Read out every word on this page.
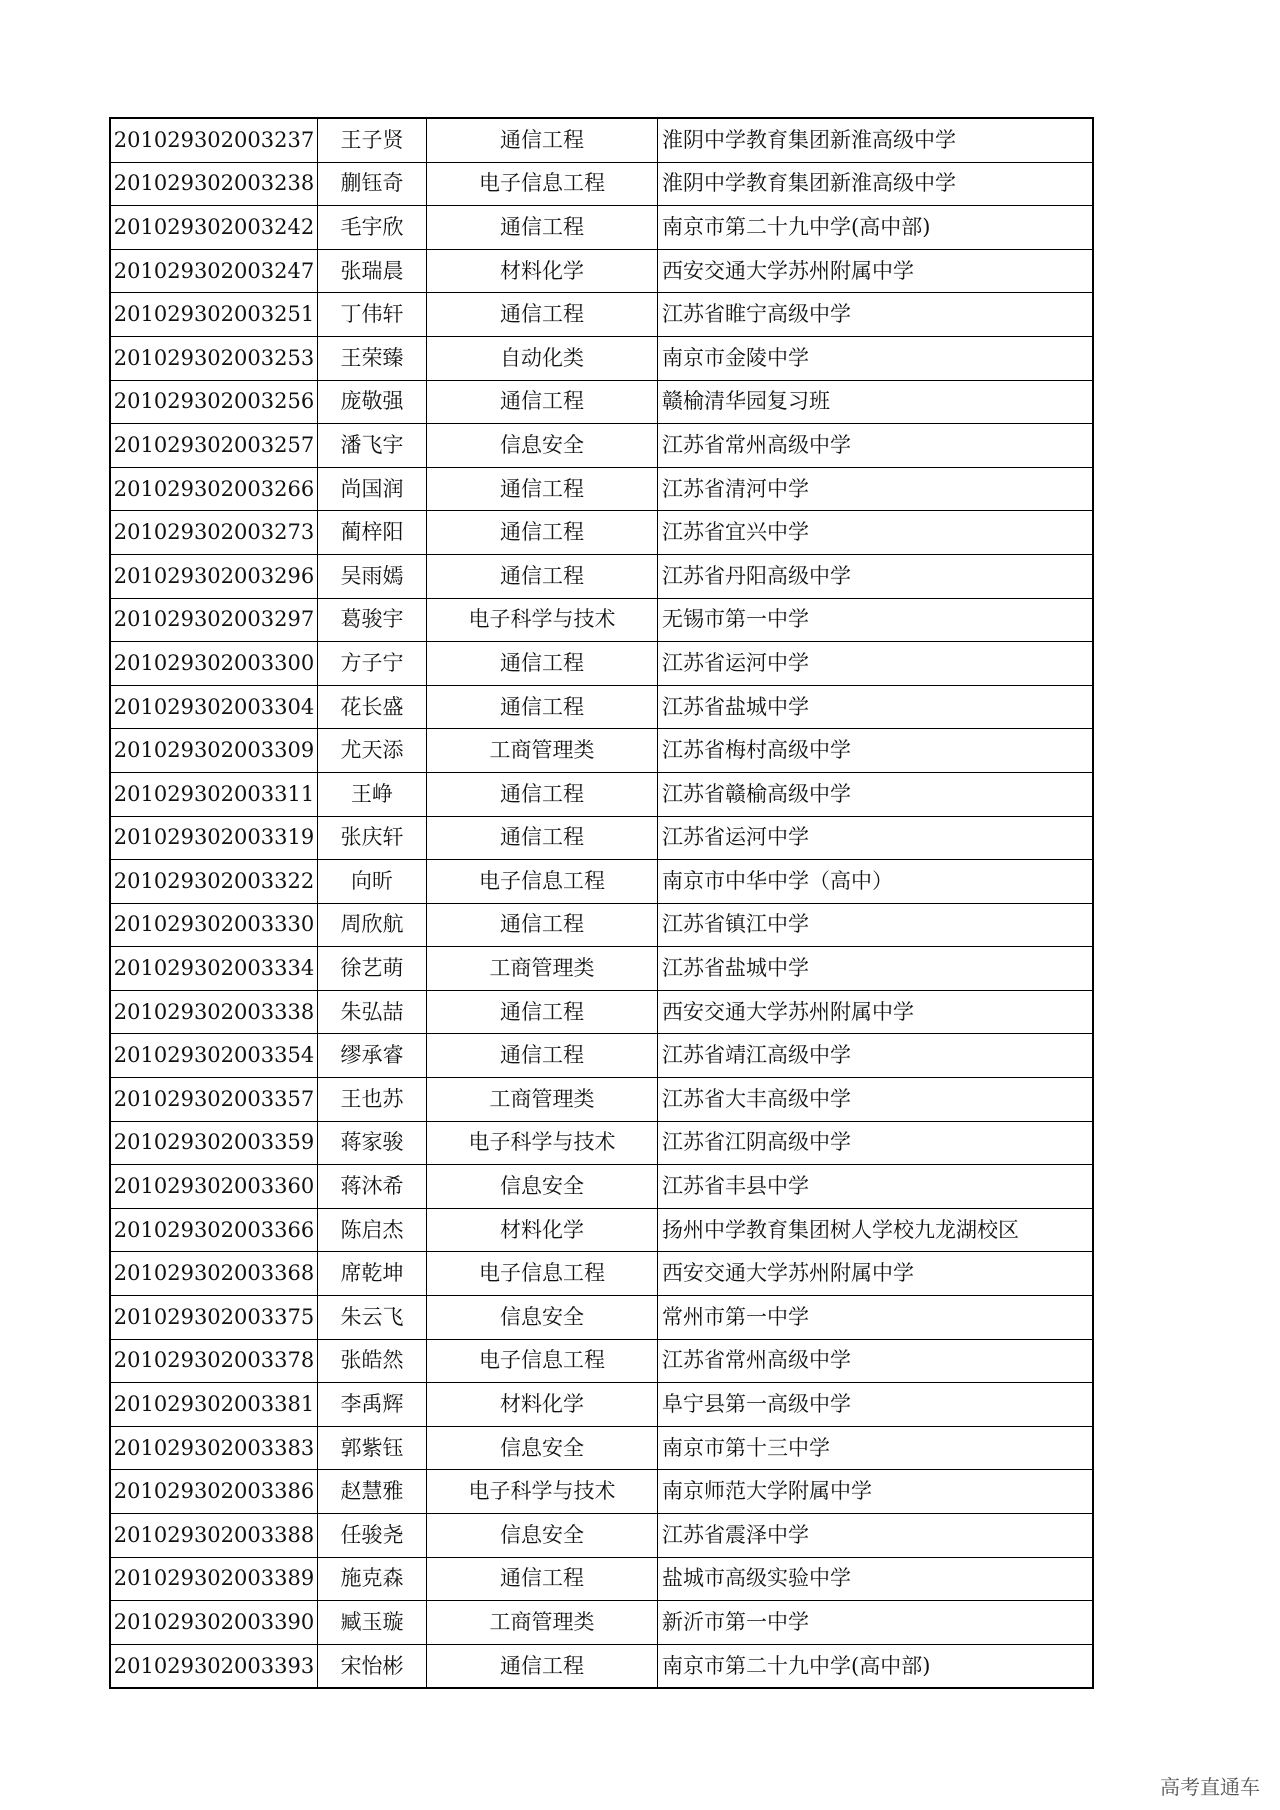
201029302003237	王子贤	通信工程	淮阴中学教育集团新淮高级中学
201029302003238	蒯钰奇	电子信息工程	淮阴中学教育集团新淮高级中学
201029302003242	毛宇欣	通信工程	南京市第二十九中学(高中部)
201029302003247	张瑞晨	材料化学	西安交通大学苏州附属中学
201029302003251	丁伟轩	通信工程	江苏省睢宁高级中学
201029302003253	王荣臻	自动化类	南京市金陵中学
201029302003256	庞敬强	通信工程	赣榆清华园复习班
201029302003257	潘飞宇	信息安全	江苏省常州高级中学
201029302003266	尚国润	通信工程	江苏省清河中学
201029302003273	蔺梓阳	通信工程	江苏省宜兴中学
201029302003296	吴雨嫣	通信工程	江苏省丹阳高级中学
201029302003297	葛骏宇	电子科学与技术	无锡市第一中学
201029302003300	方子宁	通信工程	江苏省运河中学
201029302003304	花长盛	通信工程	江苏省盐城中学
201029302003309	尤天添	工商管理类	江苏省梅村高级中学
201029302003311	王峥	通信工程	江苏省赣榆高级中学
201029302003319	张庆轩	通信工程	江苏省运河中学
201029302003322	向昕	电子信息工程	南京市中华中学（高中）
201029302003330	周欣航	通信工程	江苏省镇江中学
201029302003334	徐艺萌	工商管理类	江苏省盐城中学
201029302003338	朱弘喆	通信工程	西安交通大学苏州附属中学
201029302003354	缪承睿	通信工程	江苏省靖江高级中学
201029302003357	王也苏	工商管理类	江苏省大丰高级中学
201029302003359	蒋家骏	电子科学与技术	江苏省江阴高级中学
201029302003360	蒋沐希	信息安全	江苏省丰县中学
201029302003366	陈启杰	材料化学	扬州中学教育集团树人学校九龙湖校区
201029302003368	席乾坤	电子信息工程	西安交通大学苏州附属中学
201029302003375	朱云飞	信息安全	常州市第一中学
201029302003378	张皓然	电子信息工程	江苏省常州高级中学
201029302003381	李禹辉	材料化学	阜宁县第一高级中学
201029302003383	郭紫钰	信息安全	南京市第十三中学
201029302003386	赵慧雅	电子科学与技术	南京师范大学附属中学
201029302003388	任骏尧	信息安全	江苏省震泽中学
201029302003389	施克森	通信工程	盐城市高级实验中学
201029302003390	臧玉璇	工商管理类	新沂市第一中学
201029302003393	宋怡彬	通信工程	南京市第二十九中学(高中部)
高考直通车
